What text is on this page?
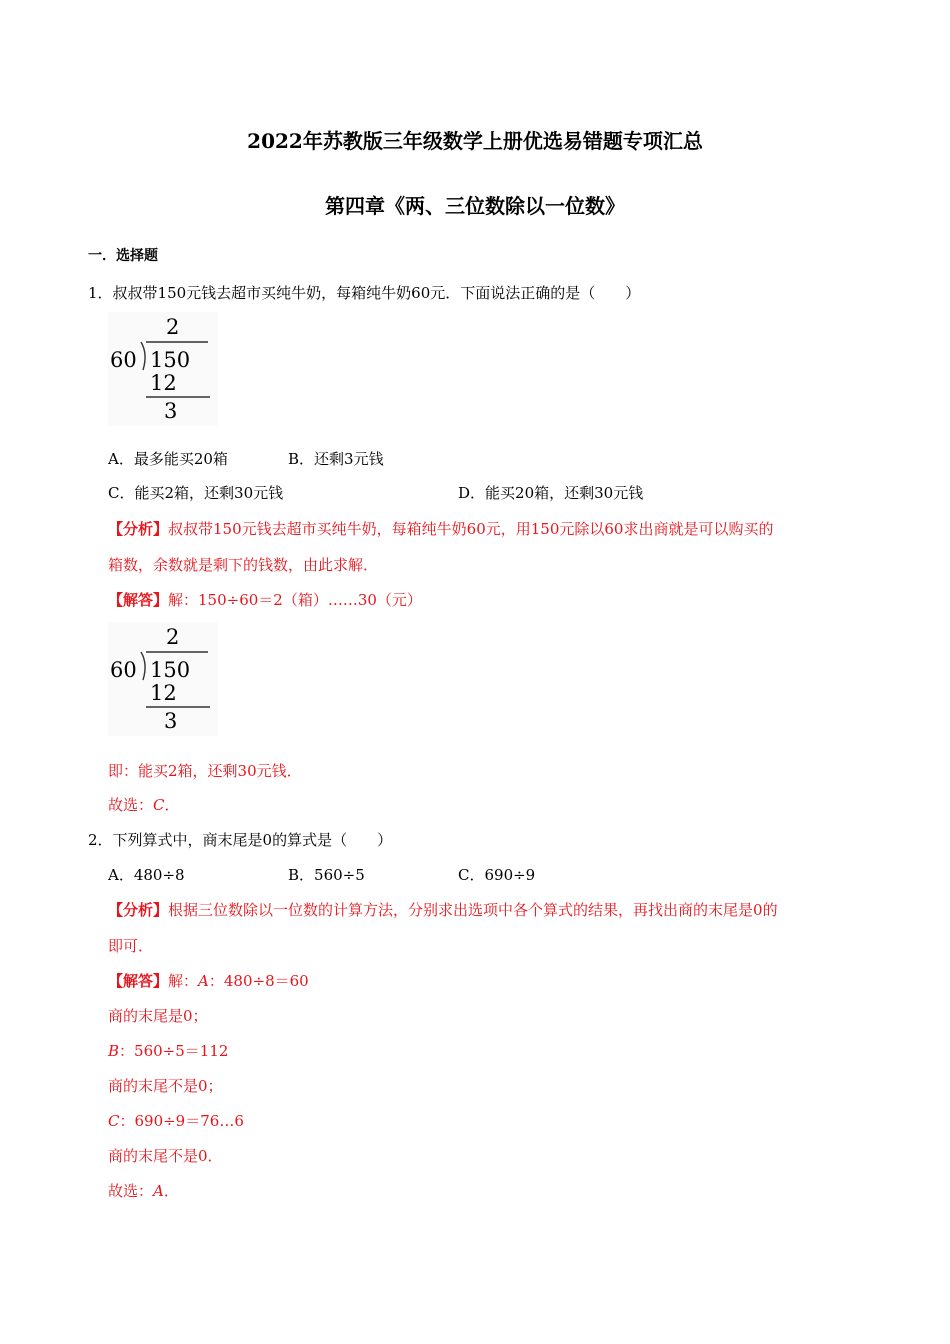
2022年苏教版三年级数学上册优选易错题专项汇总
第四章《两、三位数除以一位数》
一．选择题
1．叔叔带150元钱去超市买纯牛奶，每箱纯牛奶60元．下面说法正确的是（　　）
2
60 150
12
3
A．最多能买20箱	B．还剩3元钱
C．能买2箱，还剩30元钱	D．能买20箱，还剩30元钱
【分析】叔叔带150元钱去超市买纯牛奶，每箱纯牛奶60元，用150元除以60求出商就是可以购买的
箱数，余数就是剩下的钱数，由此求解．
【解答】解：150÷60＝2（箱）……30（元）
2
60 150
12
3
即：能买2箱，还剩30元钱．
故选：C．
2．下列算式中，商末尾是0的算式是（　　）
A．480÷8	B．560÷5	C．690÷9
【分析】根据三位数除以一位数的计算方法，分别求出选项中各个算式的结果，再找出商的末尾是0的
即可．
【解答】解：A：480÷8＝60
商的末尾是0；
B：560÷5＝112
商的末尾不是0；
C：690÷9＝76…6
商的末尾不是0．
故选：A．
